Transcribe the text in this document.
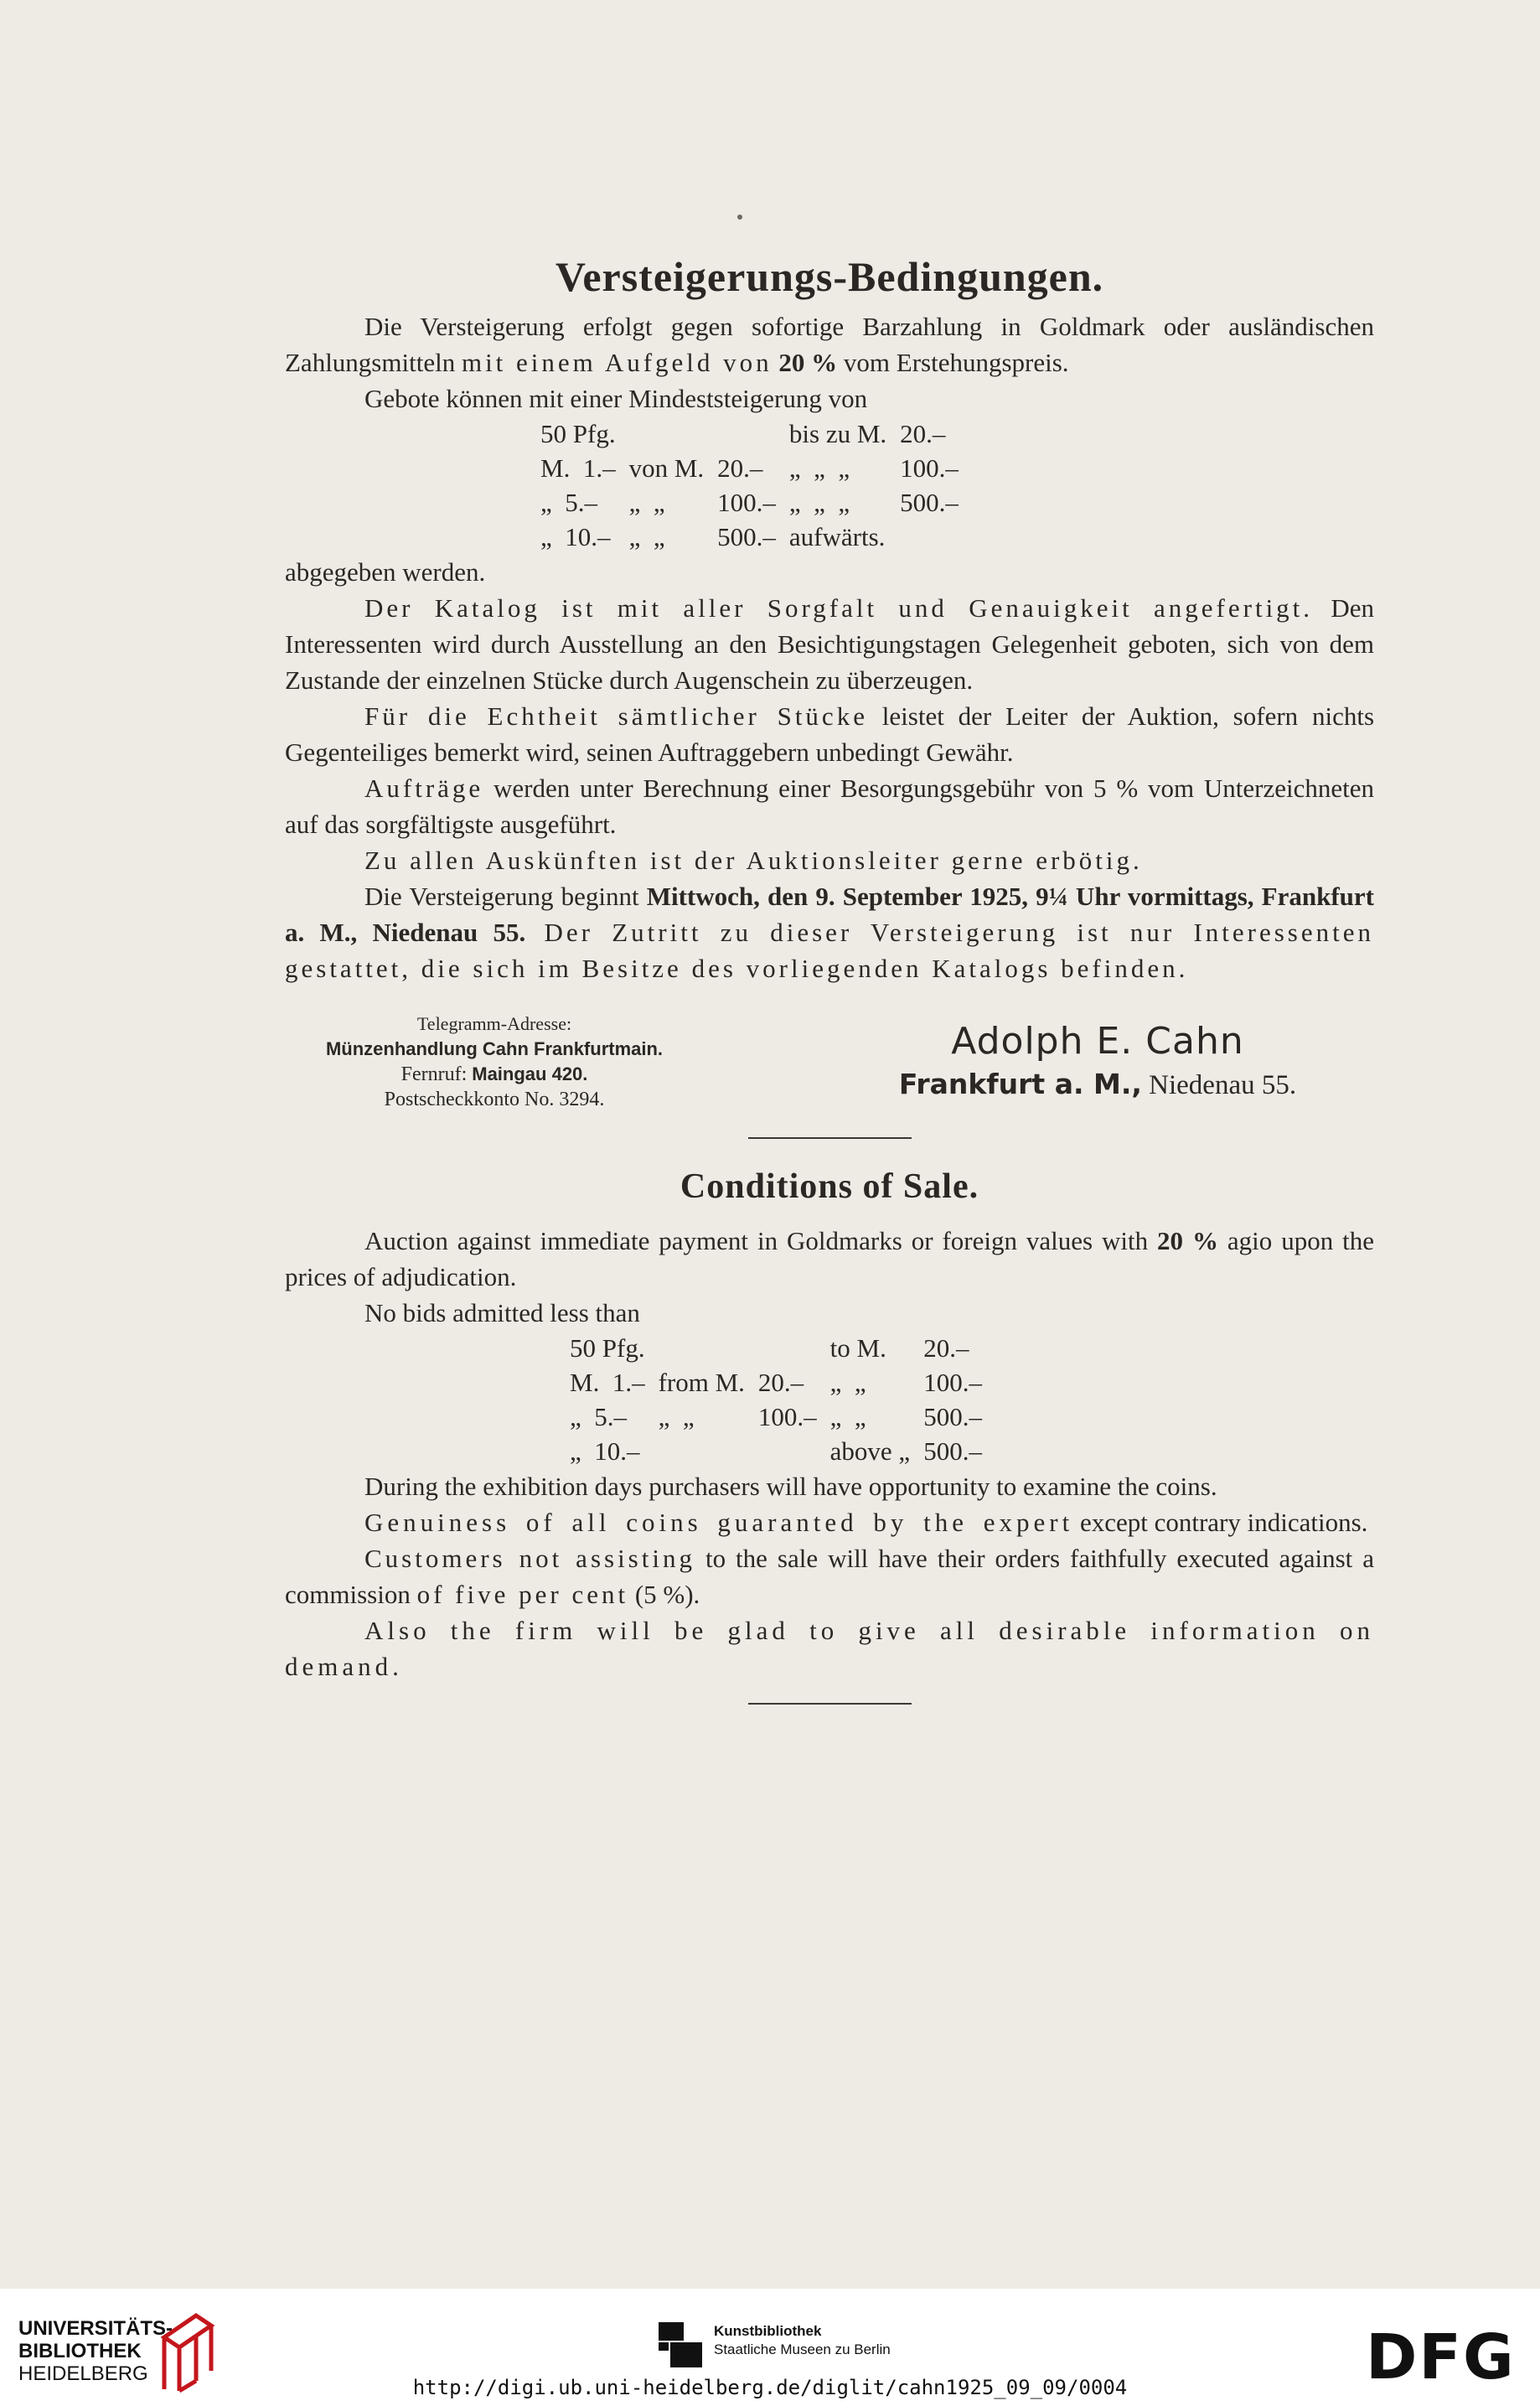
Versteigerungs-Bedingungen.

Die Versteigerung erfolgt gegen sofortige Barzahlung in Goldmark oder ausländischen Zahlungsmitteln mit einem Aufgeld von 20 % vom Erstehungspreis.

Gebote können mit einer Mindeststeigerung von

50 Pfg.			bis zu M.	20.–
M.  1.–	von M.	20.–	„  „  „	100.–
„  5.–	„  „	100.–	„  „  „	500.–
„  10.–	„  „	500.–	aufwärts.	

abgegeben werden.

Der Katalog ist mit aller Sorgfalt und Genauigkeit angefertigt. Den Interessenten wird durch Ausstellung an den Besichtigungstagen Gelegenheit geboten, sich von dem Zustande der einzelnen Stücke durch Augenschein zu überzeugen.

Für die Echtheit sämtlicher Stücke leistet der Leiter der Auktion, sofern nichts Gegenteiliges bemerkt wird, seinen Auftraggebern unbedingt Gewähr.

Aufträge werden unter Berechnung einer Besorgungsgebühr von 5 % vom Unterzeichneten auf das sorgfältigste ausgeführt.

Zu allen Auskünften ist der Auktionsleiter gerne erbötig.

Die Versteigerung beginnt Mittwoch, den 9. September 1925, 9¼ Uhr vormittags, Frankfurt a. M., Niedenau 55. Der Zutritt zu dieser Versteigerung ist nur Interessenten gestattet, die sich im Besitze des vorliegenden Katalogs befinden.

Telegramm-Adresse:
Münzenhandlung Cahn Frankfurtmain.
Fernruf: Maingau 420.
Postscheckkonto No. 3294.
Adolph E. Cahn
Frankfurt a. M., Niedenau 55.
Conditions of Sale.

Auction against immediate payment in Goldmarks or foreign values with 20 % agio upon the prices of adjudication.

No bids admitted less than

50 Pfg.			to M.	20.–
M.  1.–	from M.	20.–	„  „	100.–
„  5.–	„  „	100.–	„  „	500.–
„  10.–			above „	500.–

During the exhibition days purchasers will have opportunity to examine the coins.

Genuiness of all coins guaranted by the expert except contrary indications.

Customers not assisting to the sale will have their orders faithfully executed against a commission of five per cent (5 %).

Also the firm will be glad to give all desirable information on demand.

UNIVERSITÄTS-
BIBLIOTHEK
HEIDELBERG
Kunstbibliothek
Staatliche Museen zu Berlin	DFG
http://digi.ub.uni-heidelberg.de/diglit/cahn1925_09_09/0004
